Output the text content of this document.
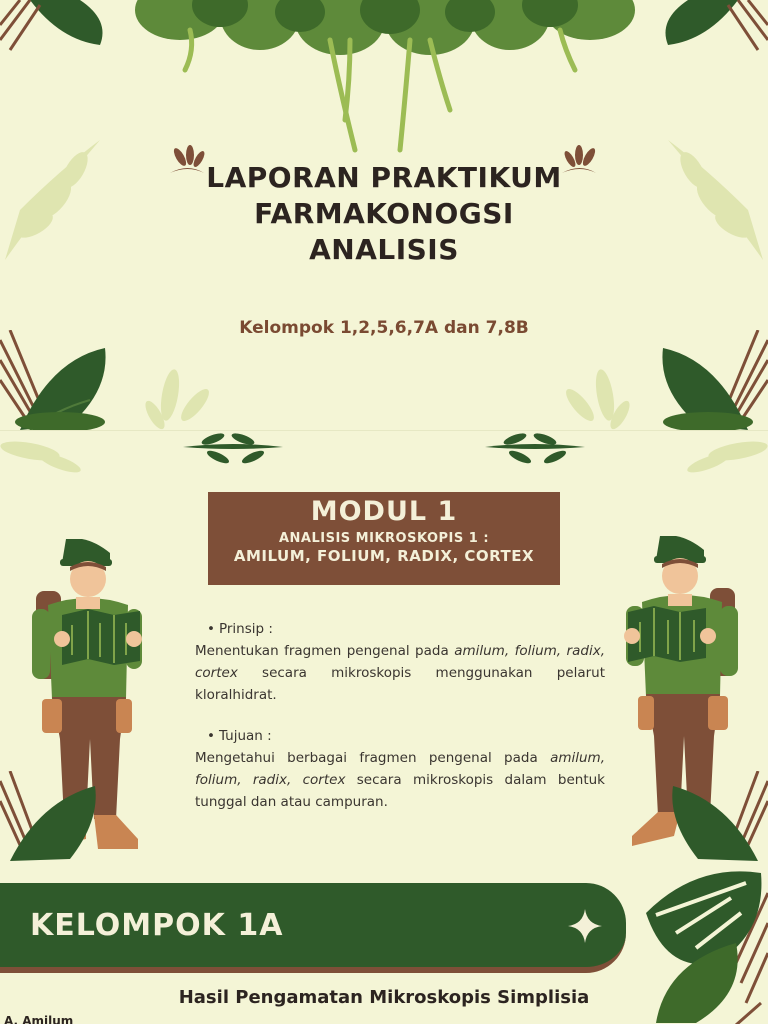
LAPORAN PRAKTIKUM
FARMAKONOGSI
ANALISIS
Kelompok 1,2,5,6,7A dan 7,8B
MODUL 1
ANALISIS MIKROSKOPIS 1 :
AMILUM, FOLIUM, RADIX, CORTEX
• Prinsip :
Menentukan fragmen pengenal pada amilum, folium, radix, cortex secara mikroskopis menggunakan pelarut kloralhidrat.
• Tujuan :
Mengetahui berbagai fragmen pengenal pada amilum, folium, radix, cortex secara mikroskopis dalam bentuk tunggal dan atau campuran.
KELOMPOK 1A
Hasil Pengamatan Mikroskopis Simplisia
A. Amilum
